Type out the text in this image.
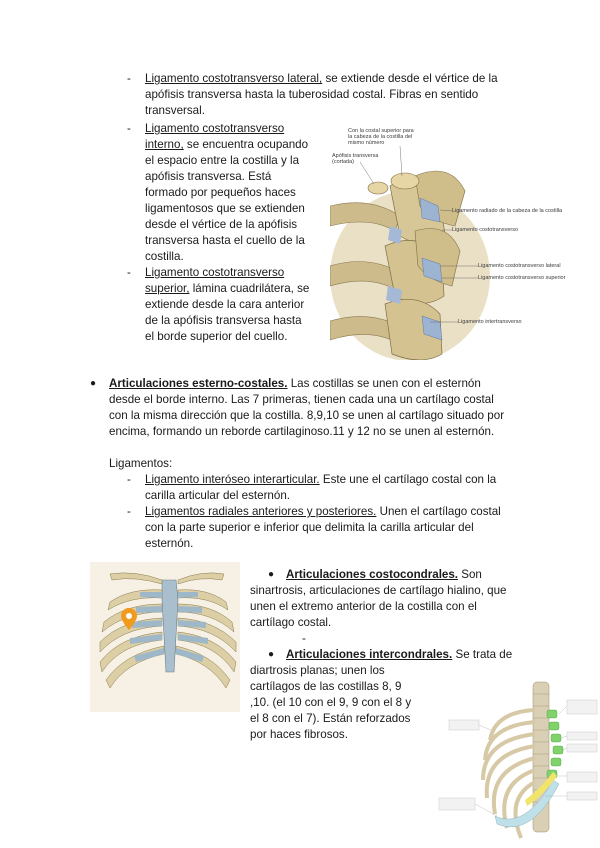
- Ligamento costotransverso lateral, se extiende desde el vértice de la
apófisis transversa hasta la tuberosidad costal. Fibras en sentido
transversal.
- Ligamento costotransverso
interno, se encuentra ocupando
el espacio entre la costilla y la
apófisis transversa. Está
formado por pequeños haces
ligamentosos que se extienden
desde el vértice de la apófisis
transversa hasta el cuello de la
costilla.
- Ligamento costotransverso
superior, lámina cuadrilátera, se
extiende desde la cara anterior
de la apófisis transversa hasta
el borde superior del cuello.
Con la costal superior para
la cabeza de la costilla del
mismo número
Apófisis transversa
(cortada)
Ligamento radiado de la cabeza de la costilla
Ligamento costotransverso
Ligamento costotransverso lateral
Ligamento costotransverso superior
Ligamento intertransverso
● Articulaciones esterno-costales. Las costillas se unen con el esternón
desde el borde interno. Las 7 primeras, tienen cada una un cartílago costal
con la misma dirección que la costilla. 8,9,10 se unen al cartílago situado por
encima, formando un reborde cartilaginoso.11 y 12 no se unen al esternón.
Ligamentos:
- Ligamento interóseo interarticular. Este une el cartílago costal con la
carilla articular del esternón.
- Ligamentos radiales anteriores y posteriores. Unen el cartílago costal
con la parte superior e inferior que delimita la carilla articular del
esternón.
● Articulaciones costocondrales. Son
sinartrosis, articulaciones de cartílago hialino, que
unen el extremo anterior de la costilla con el
cartílago costal.
-
● Articulaciones intercondrales. Se trata de
diartrosis planas; unen los
cartílagos de las costillas 8, 9
,10. (el 10 con el 9, 9 con el 8 y
el 8 con el 7). Están reforzados
por haces fibrosos.
